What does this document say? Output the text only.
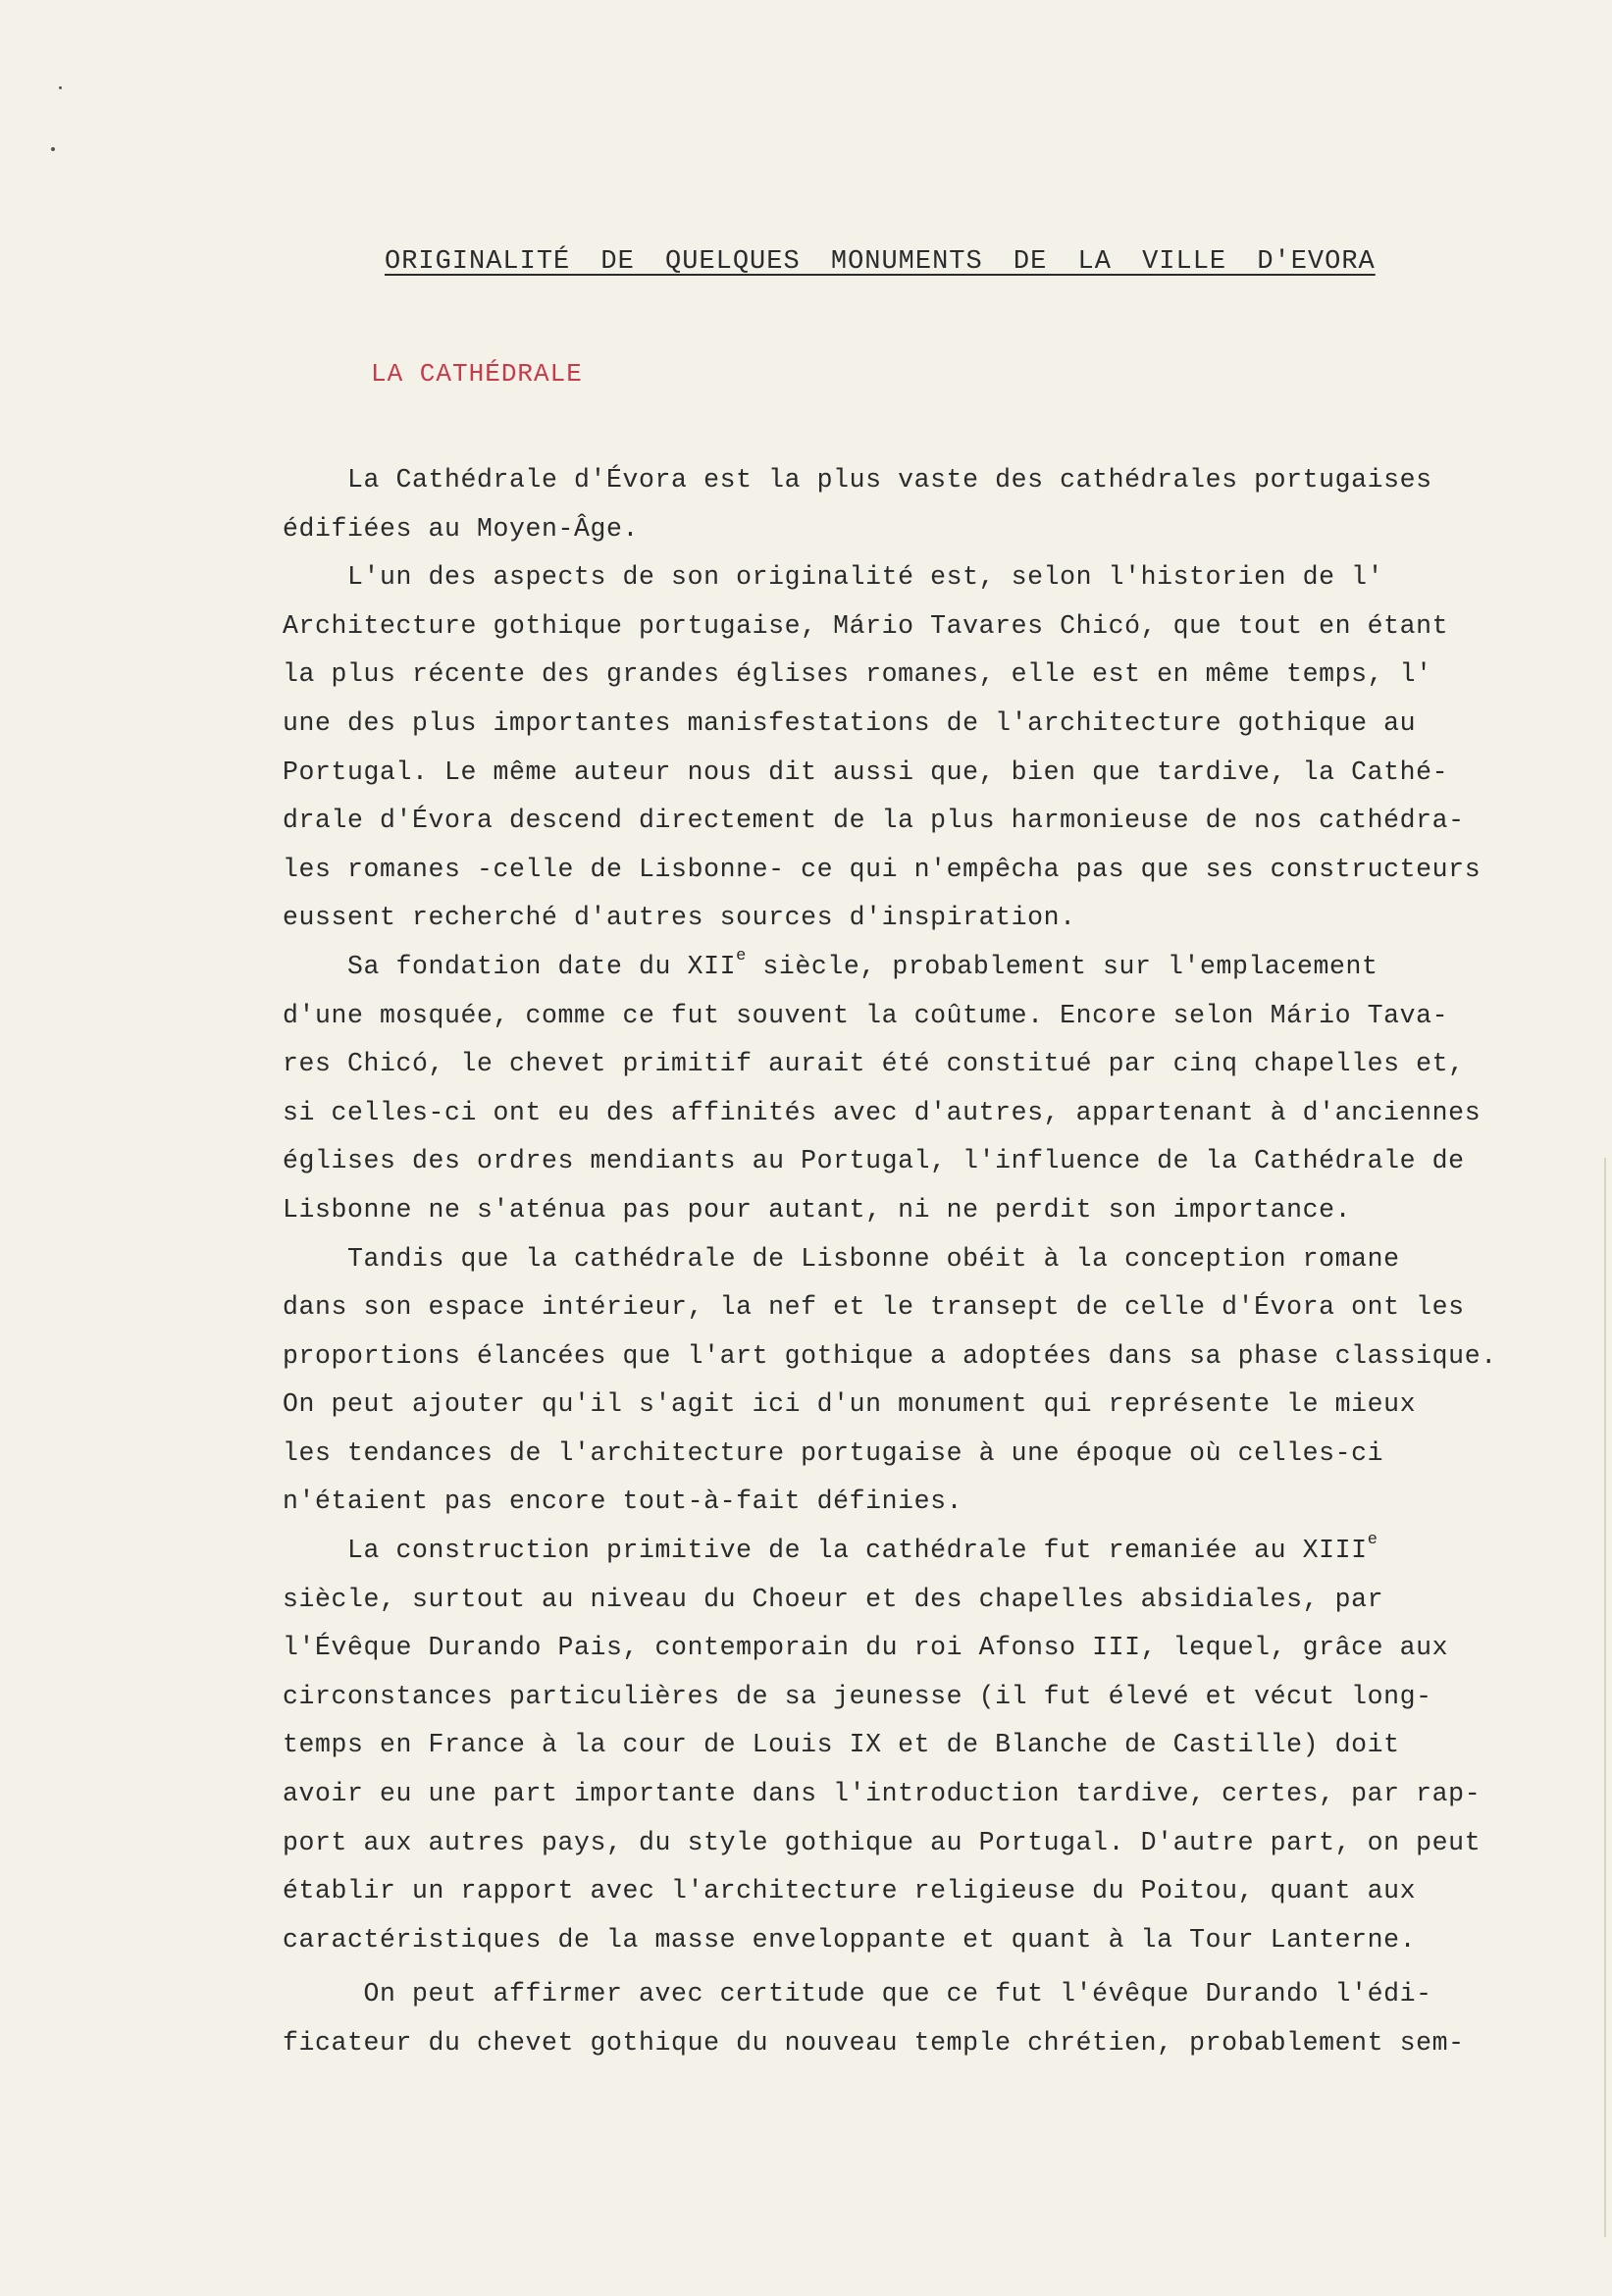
ORIGINALITÉ DE QUELQUES MONUMENTS DE LA VILLE D'EVORA
LA CATHÉDRALE
La Cathédrale d'Évora est la plus vaste des cathédrales portugaises
édifiées au Moyen-Âge.
L'un des aspects de son originalité est, selon l'historien de l'
Architecture gothique portugaise, Mário Tavares Chicó, que tout en étant
la plus récente des grandes églises romanes, elle est en même temps, l'
une des plus importantes manisfestations de l'architecture gothique au
Portugal. Le même auteur nous dit aussi que, bien que tardive, la Cathé-
drale d'Évora descend directement de la plus harmonieuse de nos cathédra-
les romanes -celle de Lisbonne- ce qui n'empêcha pas que ses constructeurs
eussent recherché d'autres sources d'inspiration.
Sa fondation date du XIIe siècle, probablement sur l'emplacement
d'une mosquée, comme ce fut souvent la coûtume. Encore selon Mário Tava-
res Chicó, le chevet primitif aurait été constitué par cinq chapelles et,
si celles-ci ont eu des affinités avec d'autres, appartenant à d'anciennes
églises des ordres mendiants au Portugal, l'influence de la Cathédrale de
Lisbonne ne s'aténua pas pour autant, ni ne perdit son importance.
Tandis que la cathédrale de Lisbonne obéit à la conception romane
dans son espace intérieur, la nef et le transept de celle d'Évora ont les
proportions élancées que l'art gothique a adoptées dans sa phase classique.
On peut ajouter qu'il s'agit ici d'un monument qui représente le mieux
les tendances de l'architecture portugaise à une époque où celles-ci
n'étaient pas encore tout-à-fait définies.
La construction primitive de la cathédrale fut remaniée au XIIIe
siècle, surtout au niveau du Choeur et des chapelles absidiales, par
l'Évêque Durando Pais, contemporain du roi Afonso III, lequel, grâce aux
circonstances particulières de sa jeunesse (il fut élevé et vécut long-
temps en France à la cour de Louis IX et de Blanche de Castille) doit
avoir eu une part importante dans l'introduction tardive, certes, par rap-
port aux autres pays, du style gothique au Portugal. D'autre part, on peut
établir un rapport avec l'architecture religieuse du Poitou, quant aux
caractéristiques de la masse enveloppante et quant à la Tour Lanterne.
On peut affirmer avec certitude que ce fut l'évêque Durando l'édi-
ficateur du chevet gothique du nouveau temple chrétien, probablement sem-
